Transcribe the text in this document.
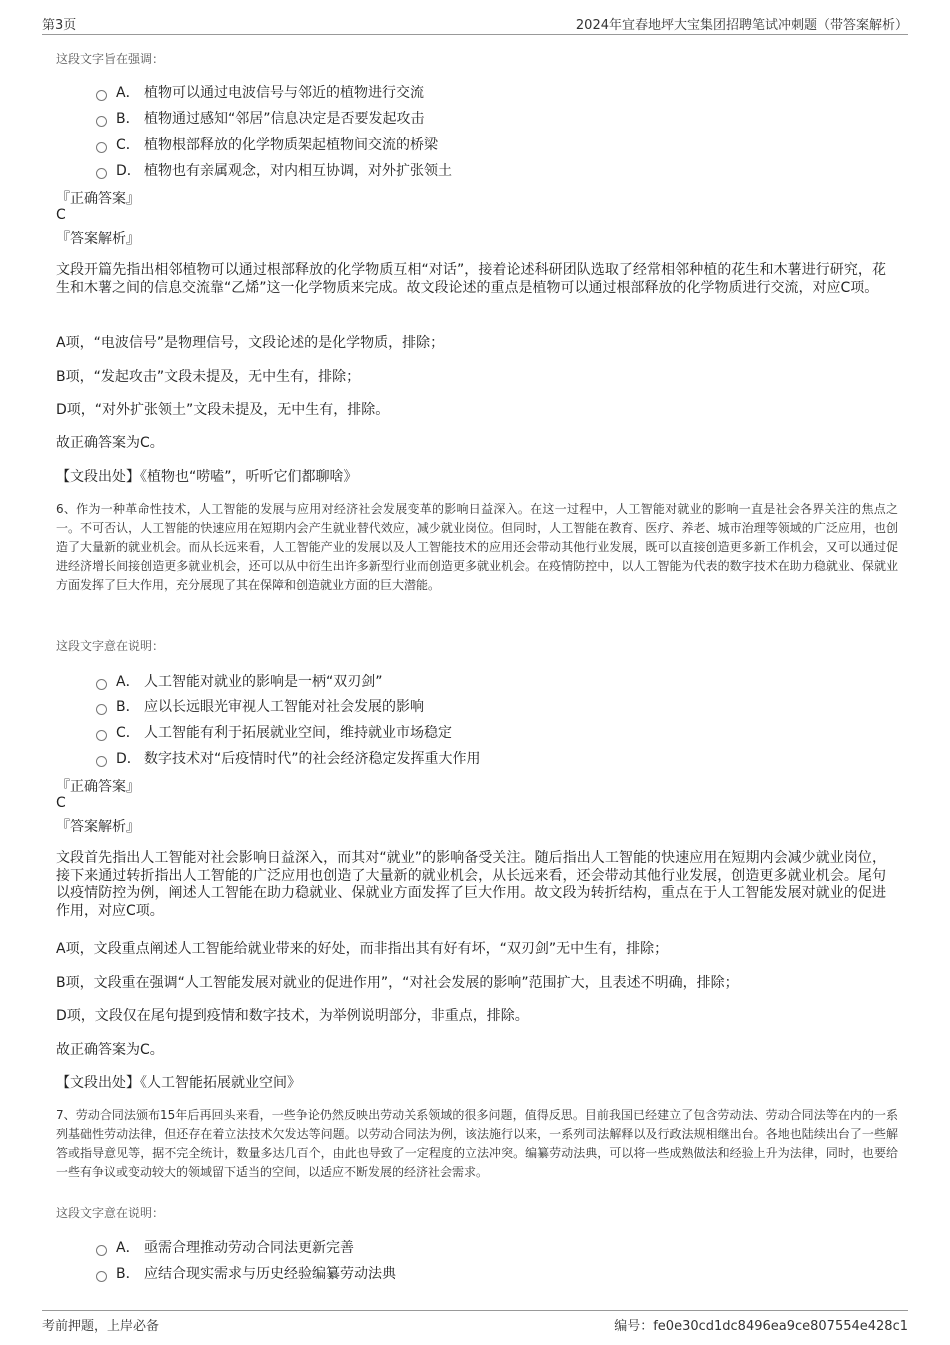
第3页	2024年宜春地坪大宝集团招聘笔试冲刺题（带答案解析）
这段文字旨在强调：
A． 植物可以通过电波信号与邻近的植物进行交流
B． 植物通过感知“邻居”信息决定是否要发起攻击
C． 植物根部释放的化学物质架起植物间交流的桥梁
D． 植物也有亲属观念，对内相互协调，对外扩张领土
『正确答案』
C
『答案解析』
文段开篇先指出相邻植物可以通过根部释放的化学物质互相“对话”，接着论述科研团队选取了经常相邻种植的花生和木薯进行研究，花生和木薯之间的信息交流靠“乙烯”这一化学物质来完成。故文段论述的重点是植物可以通过根部释放的化学物质进行交流，对应C项。
A项，“电波信号”是物理信号，文段论述的是化学物质，排除；
B项，“发起攻击”文段未提及，无中生有，排除；
D项，“对外扩张领土”文段未提及，无中生有，排除。
故正确答案为C。
【文段出处】《植物也“唠嗑”，听听它们都聊啥》
6、作为一种革命性技术，人工智能的发展与应用对经济社会发展变革的影响日益深入。在这一过程中，人工智能对就业的影响一直是社会各界关注的焦点之一。不可否认，人工智能的快速应用在短期内会产生就业替代效应，减少就业岗位。但同时，人工智能在教育、医疗、养老、城市治理等领域的广泛应用，也创造了大量新的就业机会。而从长远来看，人工智能产业的发展以及人工智能技术的应用还会带动其他行业发展，既可以直接创造更多新工作机会，又可以通过促进经济增长间接创造更多就业机会，还可以从中衍生出许多新型行业而创造更多就业机会。在疫情防控中，以人工智能为代表的数字技术在助力稳就业、保就业方面发挥了巨大作用，充分展现了其在保障和创造就业方面的巨大潜能。
这段文字意在说明：
A． 人工智能对就业的影响是一柄“双刃剑”
B． 应以长远眼光审视人工智能对社会发展的影响
C． 人工智能有利于拓展就业空间，维持就业市场稳定
D． 数字技术对“后疫情时代”的社会经济稳定发挥重大作用
『正确答案』
C
『答案解析』
文段首先指出人工智能对社会影响日益深入，而其对“就业”的影响备受关注。随后指出人工智能的快速应用在短期内会减少就业岗位，接下来通过转折指出人工智能的广泛应用也创造了大量新的就业机会，从长远来看，还会带动其他行业发展，创造更多就业机会。尾句以疫情防控为例，阐述人工智能在助力稳就业、保就业方面发挥了巨大作用。故文段为转折结构，重点在于人工智能发展对就业的促进作用，对应C项。
A项，文段重点阐述人工智能给就业带来的好处，而非指出其有好有坏，“双刃剑”无中生有，排除；
B项，文段重在强调“人工智能发展对就业的促进作用”，“对社会发展的影响”范围扩大，且表述不明确，排除；
D项，文段仅在尾句提到疫情和数字技术，为举例说明部分，非重点，排除。
故正确答案为C。
【文段出处】《人工智能拓展就业空间》
7、劳动合同法颁布15年后再回头来看，一些争论仍然反映出劳动关系领域的很多问题，值得反思。目前我国已经建立了包含劳动法、劳动合同法等在内的一系列基础性劳动法律，但还存在着立法技术欠发达等问题。以劳动合同法为例，该法施行以来，一系列司法解释以及行政法规相继出台。各地也陆续出台了一些解答或指导意见等，据不完全统计，数量多达几百个，由此也导致了一定程度的立法冲突。编纂劳动法典，可以将一些成熟做法和经验上升为法律，同时，也要给一些有争议或变动较大的领域留下适当的空间，以适应不断发展的经济社会需求。
这段文字意在说明：
A． 亟需合理推动劳动合同法更新完善
B． 应结合现实需求与历史经验编纂劳动法典
考前押题，上岸必备	编号：fe0e30cd1dc8496ea9ce807554e428c1
